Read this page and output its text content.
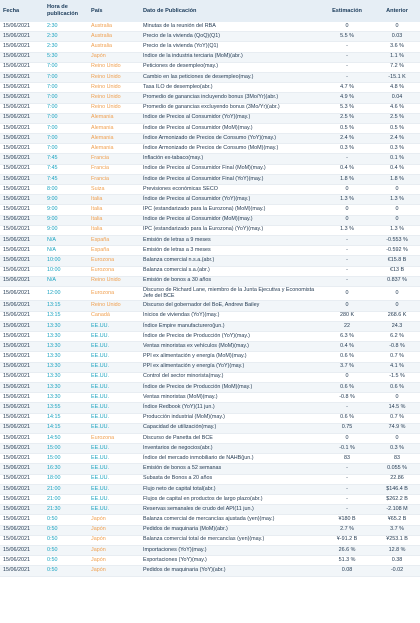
Fecha	Hora de publicación	País	Dato de Publicación	Estimación	Anterior
15/06/2021	2:30	Australia	Minutas de la reunión del RBA	0	0
15/06/2021	2:30	Australia	Precio de la vivienda (QoQ)(Q1)	5.5 %	0.03
15/06/2021	2:30	Australia	Precio de la vivienda (YoY)(Q1)	-	3.6 %
15/06/2021	5:30	Japón	Índice de la industria terciaria (MoM)(abr.)	-	1.1 %
15/06/2021	7:00	Reino Unido	Peticiones de desempleo(may.)	-	7.2 %
15/06/2021	7:00	Reino Unido	Cambio en las peticiones de desempleo(may.)	-	-15.1 K
15/06/2021	7:00	Reino Unido	Tasa ILO de desempleo(abr.)	4.7 %	4.8 %
15/06/2021	7:00	Reino Unido	Promedio de ganancias incluyendo bonus (3Mo/Yr)(abr.)	4.9 %	0.04
15/06/2021	7:00	Reino Unido	Promedio de ganancias excluyendo bonus (3Mo/Yr)(abr.)	5.3 %	4.6 %
15/06/2021	7:00	Alemania	Índice de Precios al Consumidor (YoY)(may.)	2.5 %	2.5 %
15/06/2021	7:00	Alemania	Índice de Precios al Consumidor (MoM)(may.)	0.5 %	0.5 %
15/06/2021	7:00	Alemania	Índice Armonizado de Precios de Consumo (YoY)(may.)	2.4 %	2.4 %
15/06/2021	7:00	Alemania	Índice Armonizado de Precios de Consumo (MoM)(may.)	0.3 %	0.3 %
15/06/2021	7:45	Francia	Inflación ex-tabaco(may.)	-	0.1 %
15/06/2021	7:45	Francia	Índice de Precios al Consumidor Final (MoM)(may.)	0.4 %	0.4 %
15/06/2021	7:45	Francia	Índice de Precios al Consumidor Final (YoY)(may.)	1.8 %	1.8 %
15/06/2021	8:00	Suiza	Previsiones económicas SECO	0	0
15/06/2021	9:00	Italia	Índice de Precios al Consumidor (YoY)(may.)	1.3 %	1.3 %
15/06/2021	9:00	Italia	IPC (estandarizado para la Eurozona) (MoM)(may.)	0	0
15/06/2021	9:00	Italia	Índice de Precios al Consumidor (MoM)(may.)	0	0
15/06/2021	9:00	Italia	IPC (estandarizado para la Eurozona) (YoY)(may.)	1.3 %	1.3 %
15/06/2021	N/A	España	Emisión de letras a 9 meses	-	-0.553 %
15/06/2021	N/A	España	Emisión de letras a 3 meses	-	-0.592 %
15/06/2021	10:00	Eurozona	Balanza comercial n.s.a.(abr.)	-	€15.8 B
15/06/2021	10:00	Eurozona	Balanza comercial s.a.(abr.)	-	€13 B
15/06/2021	N/A	Reino Unido	Emisión de bonos a 30 años	-	0.837 %
15/06/2021	12:00	Eurozona	Discurso de Richard Lane, miembro de la Junta Ejecutiva y Economista Jefe del BCE	0	0
15/06/2021	13:15	Reino Unido	Discurso del gobernador del BoE, Andrew Bailey	0	0
15/06/2021	13:15	Canadá	Inicios de viviendas (YoY)(may.)	280 K	268.6 K
15/06/2021	13:30	EE.UU.	Índice Empire manufacturero(jun.)	22	24.3
15/06/2021	13:30	EE.UU.	Índice de Precios de Producción (YoY)(may.)	6.3 %	6.2 %
15/06/2021	13:30	EE.UU.	Ventas minoristas ex vehículos (MoM)(may.)	0.4 %	-0.8 %
15/06/2021	13:30	EE.UU.	PPI ex alimentación y energía (MoM)(may.)	0.6 %	0.7 %
15/06/2021	13:30	EE.UU.	PPI ex alimentación y energía (YoY)(may.)	3.7 %	4.1 %
15/06/2021	13:30	EE.UU.	Control del sector minorista(may.)	0	-1.5 %
15/06/2021	13:30	EE.UU.	Índice de Precios de Producción (MoM)(may.)	0.6 %	0.6 %
15/06/2021	13:30	EE.UU.	Ventas minoristas (MoM)(may.)	-0.8 %	0
15/06/2021	13:55	EE.UU.	Índice Redbook (YoY)(11 jun.)	-	14.5 %
15/06/2021	14:15	EE.UU.	Producción industrial (MoM)(may.)	0.6 %	0.7 %
15/06/2021	14:15	EE.UU.	Capacidad de utilización(may.)	0.75	74.9 %
15/06/2021	14:50	Eurozona	Discurso de Panetta del BCE	0	0
15/06/2021	15:00	EE.UU.	Inventarios de negocios(abr.)	-0.1 %	0.3 %
15/06/2021	15:00	EE.UU.	Índice del mercado inmobiliario de NAHB(jun.)	83	83
15/06/2021	16:30	EE.UU.	Emisión de bonos a 52 semanas	-	0.055 %
15/06/2021	18:00	EE.UU.	Subasta de Bonos a 20 años	-	22.86
15/06/2021	21:00	EE.UU.	Flujo neto de capital total(abr.)	-	$146.4 B
15/06/2021	21:00	EE.UU.	Flujos de capital en productos de largo plazo(abr.)	-	$262.2 B
15/06/2021	21:30	EE.UU.	Reservas semanales de crudo del API(11 jun.)	-	-2.108 M
15/06/2021	0:50	Japón	Balanza comercial de mercancías ajustada (yen)(may.)	¥180 B	¥65.2 B
15/06/2021	0:50	Japón	Pedidos de maquinaria (MoM)(abr.)	2.7 %	3.7 %
15/06/2021	0:50	Japón	Balanza comercial total de mercancías (yen)(may.)	¥-91.2 B	¥253.1 B
15/06/2021	0:50	Japón	Importaciones (YoY)(may.)	26.6 %	12.8 %
15/06/2021	0:50	Japón	Exportaciones (YoY)(may.)	51.3 %	0.38
15/06/2021	0:50	Japón	Pedidos de maquinaria (YoY)(abr.)	0.08	-0.02
